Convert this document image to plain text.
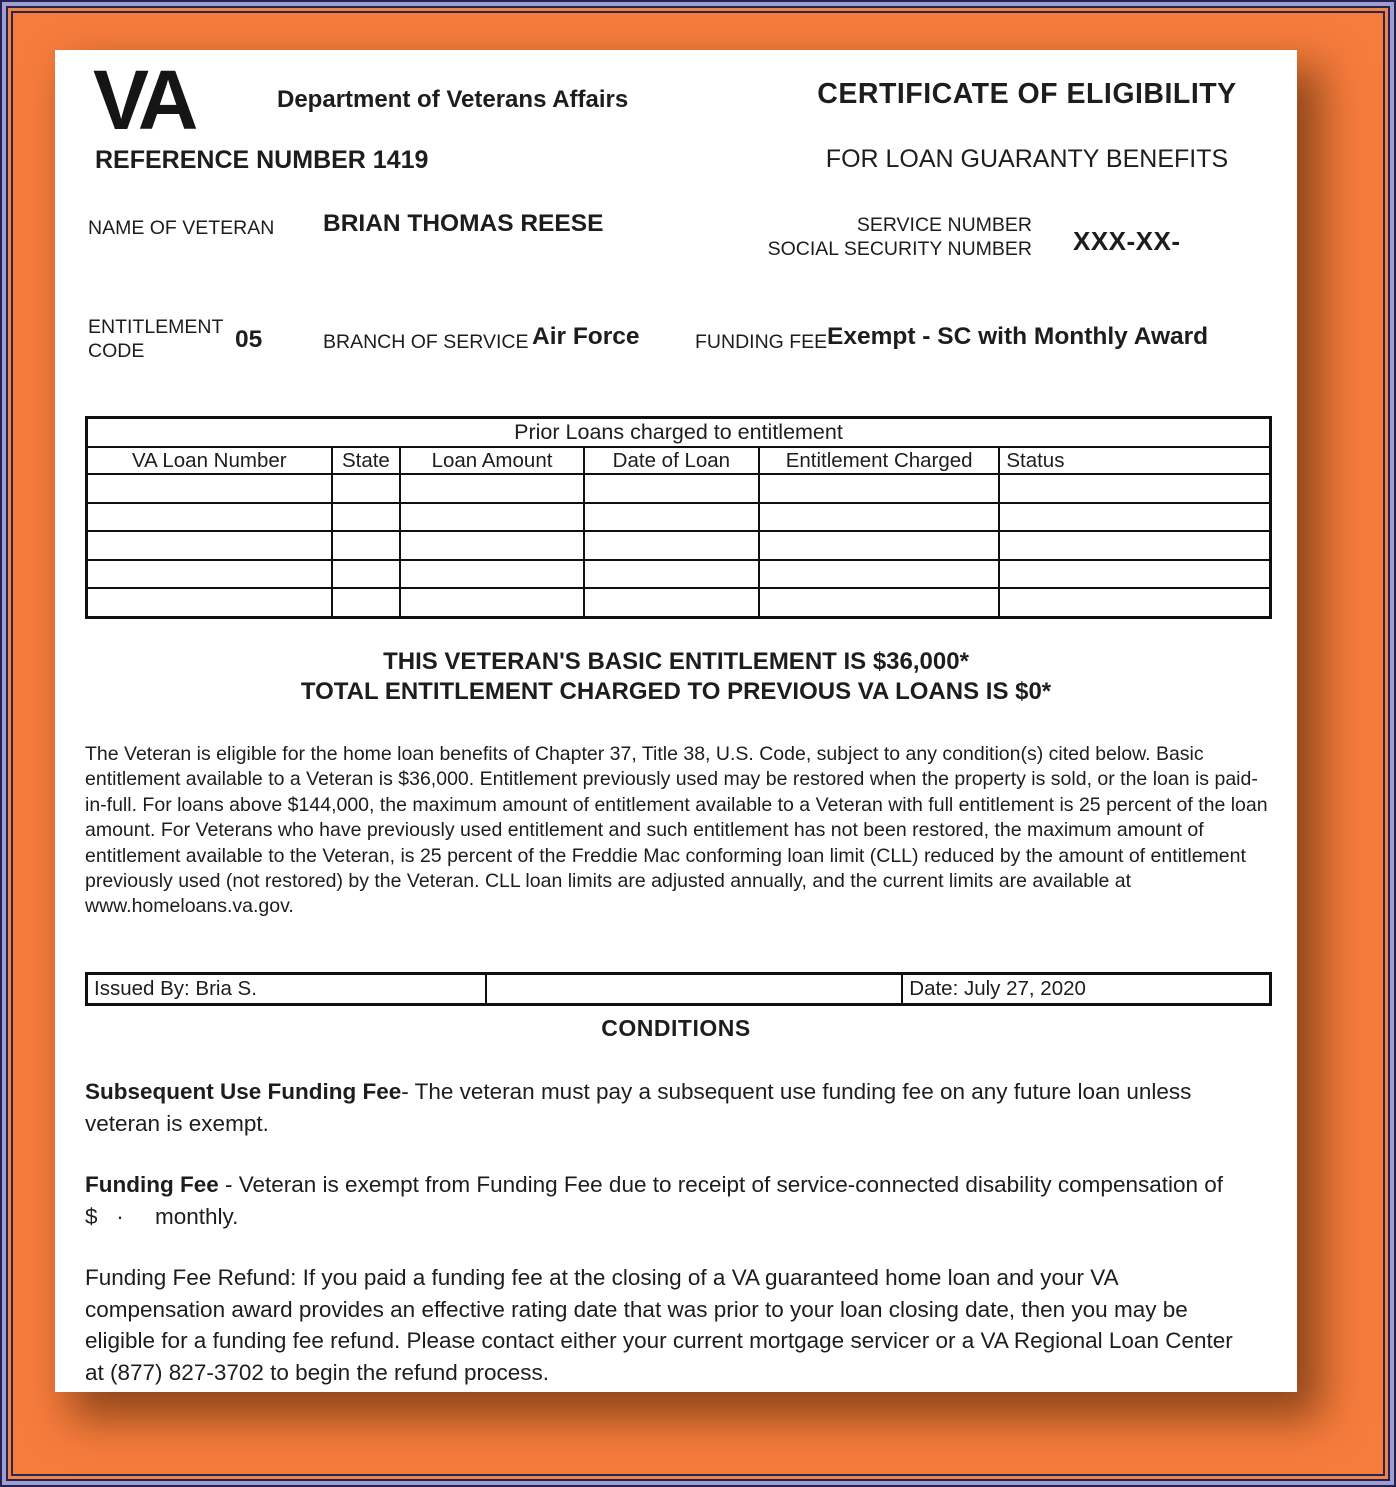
VA	Department of Veterans Affairs	CERTIFICATE OF ELIGIBILITY
REFERENCE NUMBER 1419	FOR LOAN GUARANTY BENEFITS
NAME OF VETERAN BRIAN THOMAS REESE	SERVICE NUMBER
SOCIAL SECURITY NUMBER XXX-XX-
ENTITLEMENT
CODE	05	BRANCH OF SERVICE Air Force	FUNDING FEE Exempt - SC with Monthly Award
Prior Loans charged to entitlement					
VA Loan Number	State	Loan Amount	Date of Loan	Entitlement Charged	Status

THIS VETERAN'S BASIC ENTITLEMENT IS $36,000*
TOTAL ENTITLEMENT CHARGED TO PREVIOUS VA LOANS IS $0*
The Veteran is eligible for the home loan benefits of Chapter 37, Title 38, U.S. Code, subject to any condition(s) cited below. Basic entitlement available to a Veteran is $36,000. Entitlement previously used may be restored when the property is sold, or the loan is paid-in-full. For loans above $144,000, the maximum amount of entitlement available to a Veteran with full entitlement is 25 percent of the loan amount. For Veterans who have previously used entitlement and such entitlement has not been restored, the maximum amount of entitlement available to the Veteran, is 25 percent of the Freddie Mac conforming loan limit (CLL) reduced by the amount of entitlement previously used (not restored) by the Veteran. CLL loan limits are adjusted annually, and the current limits are available at www.homeloans.va.gov.
Issued By: Bria S.		Date: July 27, 2020
CONDITIONS
Subsequent Use Funding Fee- The veteran must pay a subsequent use funding fee on any future loan unless veteran is exempt.
Funding Fee - Veteran is exempt from Funding Fee due to receipt of service-connected disability compensation of $   ·     monthly.
Funding Fee Refund: If you paid a funding fee at the closing of a VA guaranteed home loan and your VA compensation award provides an effective rating date that was prior to your loan closing date, then you may be eligible for a funding fee refund. Please contact either your current mortgage servicer or a VA Regional Loan Center at (877) 827-3702 to begin the refund process.
